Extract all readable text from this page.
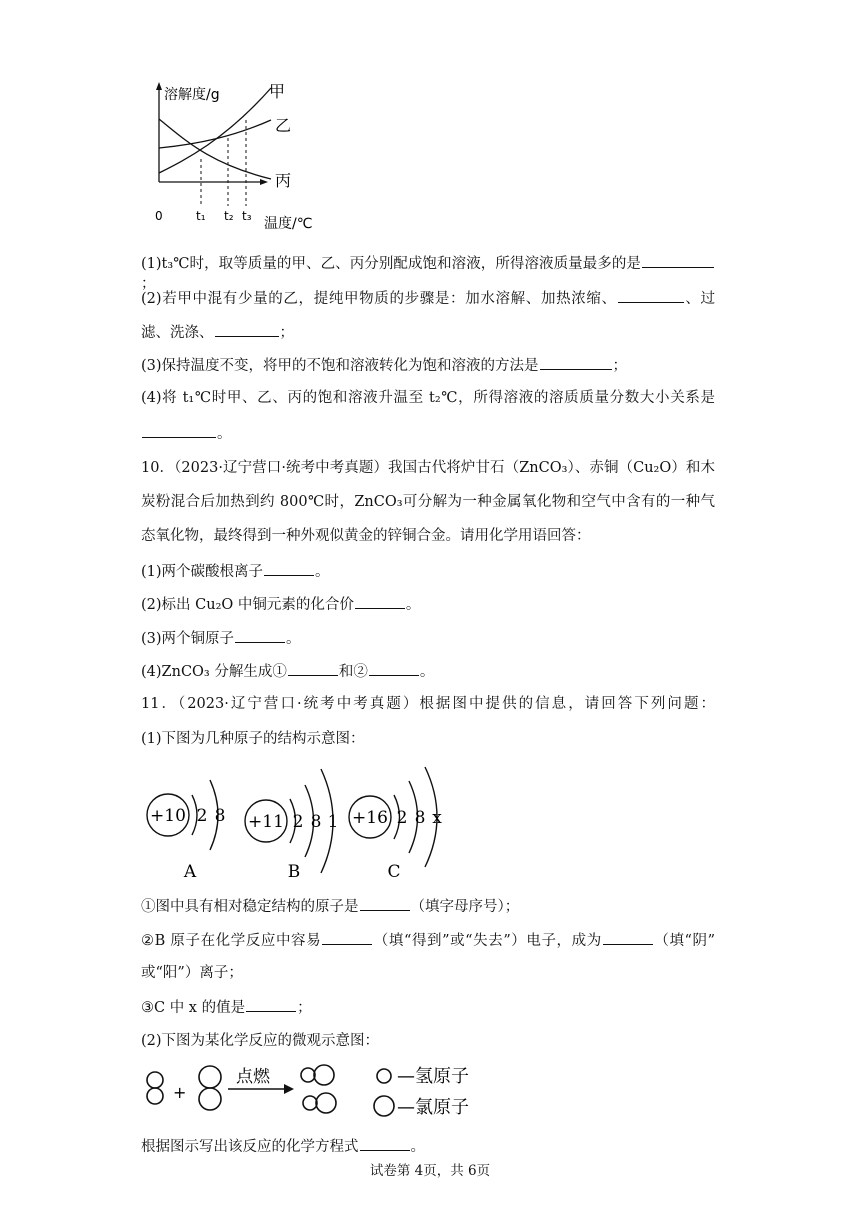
溶解度/g
温度/℃
0	t₁ t₂ t₃
甲
乙
丙
(1)t₃℃时，取等质量的甲、乙、丙分别配成饱和溶液，所得溶液质量最多的是；
(2)若甲中混有少量的乙，提纯甲物质的步骤是：加水溶解、加热浓缩、	、过
滤、洗涤、	；
(3)保持温度不变，将甲的不饱和溶液转化为饱和溶液的方法是	；
(4)将 t₁℃时甲、乙、丙的饱和溶液升温至 t₂℃，所得溶液的溶质质量分数大小关系是
。
10．（2023·辽宁营口·统考中考真题）我国古代将炉甘石（ZnCO₃）、赤铜（Cu₂O）和木
炭粉混合后加热到约 800℃时，ZnCO₃可分解为一种金属氧化物和空气中含有的一种气
态氧化物，最终得到一种外观似黄金的锌铜合金。请用化学用语回答：
(1)两个碳酸根离子	。
(2)标出 Cu₂O 中铜元素的化合价	。
(3)两个铜原子	。
(4)ZnCO₃ 分解生成①	和②	。
11．（2023·辽宁营口·统考中考真题）根据图中提供的信息，请回答下列问题：
(1)下图为几种原子的结构示意图：
+10 2 8
A
+11 2 8 1
B
+16 2 8 x
C
①图中具有相对稳定结构的原子是	（填字母序号）；
②B 原子在化学反应中容易	（填“得到”或“失去”）电子，成为	（填“阴”
或“阳”）离子；
③C 中 x 的值是	；
(2)下图为某化学反应的微观示意图：
+
点燃	—氢原子
—氯原子
根据图示写出该反应的化学方程式	。
试卷第 4页，共 6页
